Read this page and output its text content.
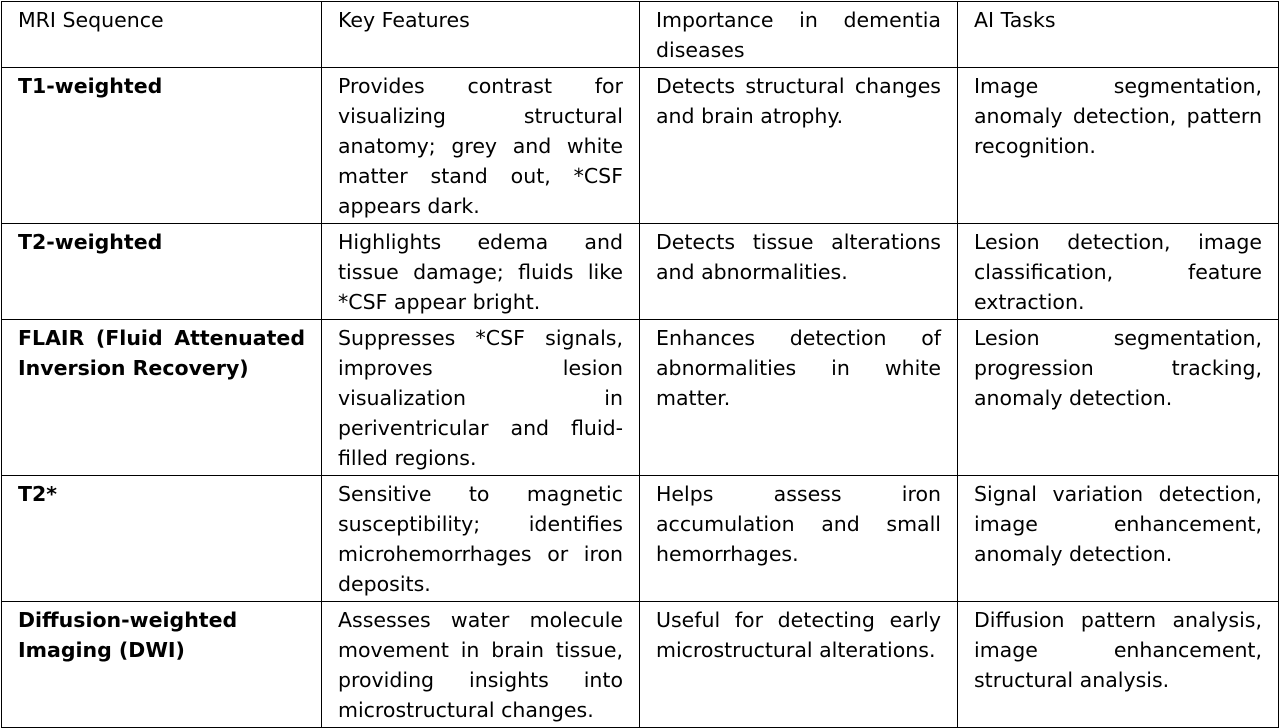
MRI Sequence	Key Features	Importance in dementia diseases	AI Tasks
T1-weighted	Provides contrast for visualizing structural anatomy; grey and white matter stand out, *CSF appears dark.	Detects structural changes and brain atrophy.	Image segmentation, anomaly detection, pattern recognition.
T2-weighted	Highlights edema and tissue damage; fluids like *CSF appear bright.	Detects tissue alterations and abnormalities.	Lesion detection, image classification, feature extraction.
FLAIR (Fluid Attenuated Inversion Recovery)	Suppresses *CSF signals, improves lesion visualization in periventricular and fluid-filled regions.	Enhances detection of abnormalities in white matter.	Lesion segmentation, progression tracking, anomaly detection.
T2*	Sensitive to magnetic susceptibility; identifies microhemorrhages or iron deposits.	Helps assess iron accumulation and small hemorrhages.	Signal variation detection, image enhancement, anomaly detection.
Diffusion-weighted Imaging (DWI)	Assesses water molecule movement in brain tissue, providing insights into microstructural changes.	Useful for detecting early microstructural alterations.	Diffusion pattern analysis, image enhancement, structural analysis.
